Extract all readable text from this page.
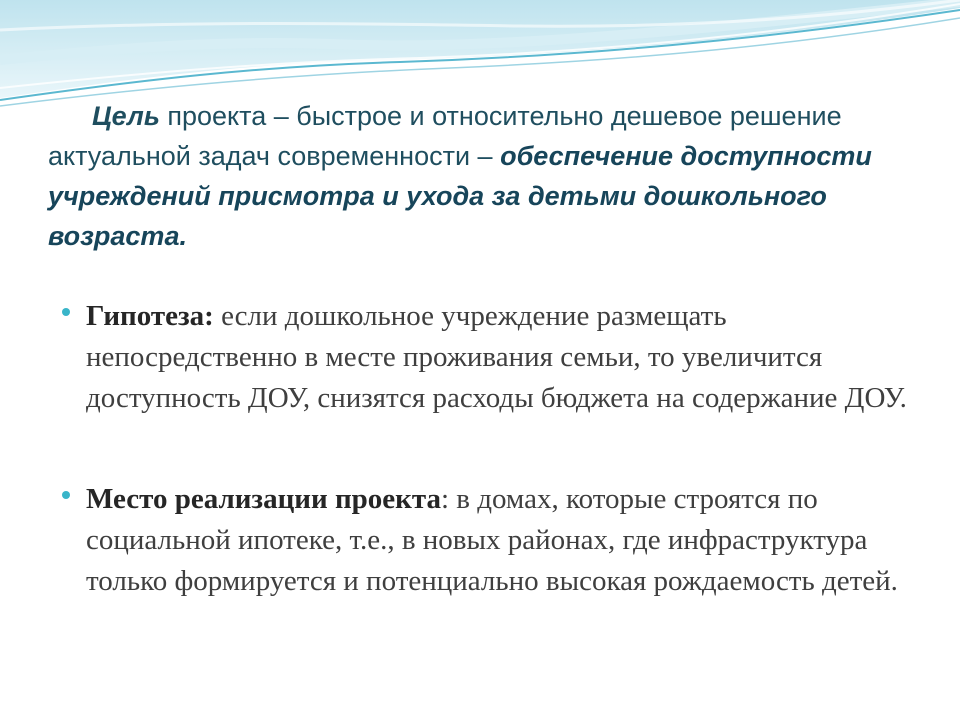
Цель проекта – быстрое и относительно дешевое решение актуальной задач современности – обеспечение доступности учреждений присмотра и ухода за детьми дошкольного возраста.
Гипотеза: если дошкольное учреждение размещать непосредственно в месте проживания семьи, то увеличится доступность ДОУ, снизятся расходы бюджета на содержание ДОУ.
Место реализации проекта: в домах, которые строятся по социальной ипотеке, т.е., в новых районах, где инфраструктура только формируется и потенциально высокая рождаемость детей.
